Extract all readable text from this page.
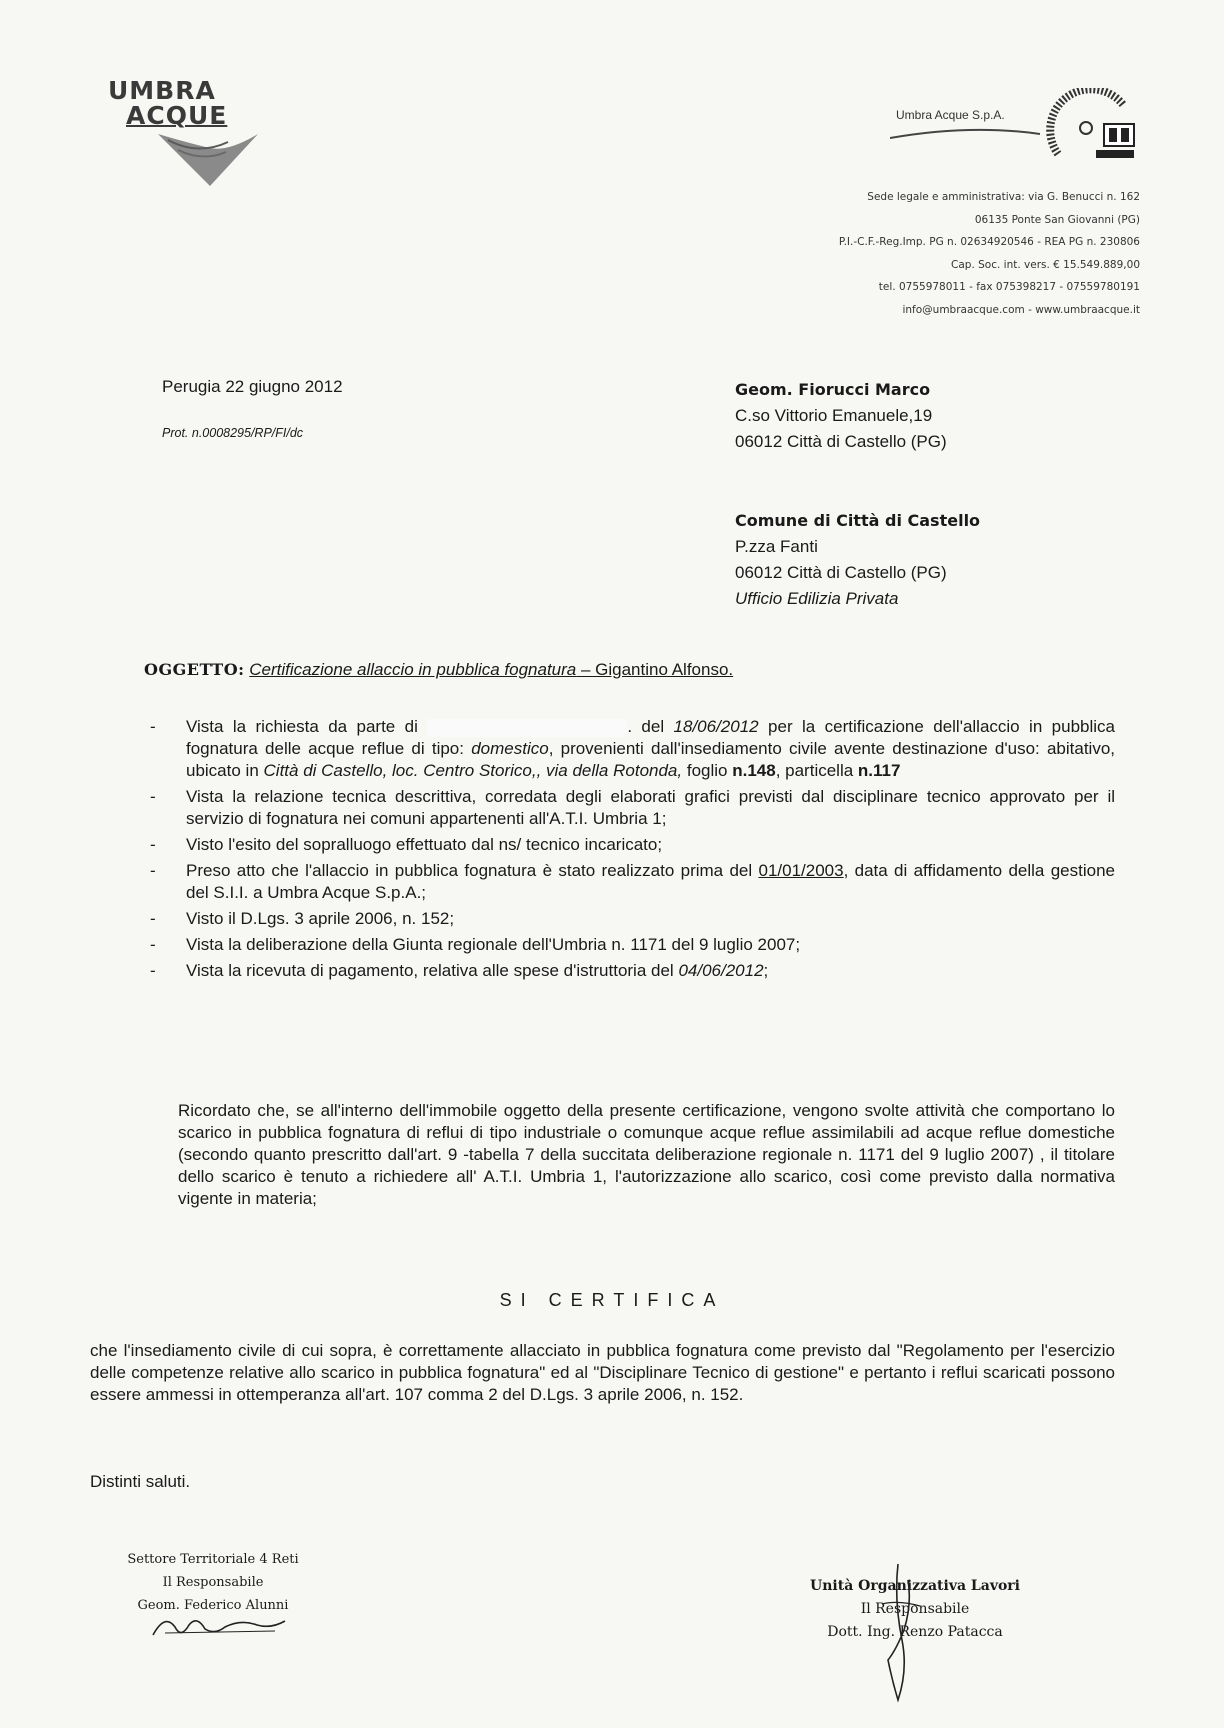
UMBRA
ACQUE	Umbra Acque S.p.A.
Sede legale e amministrativa: via G. Benucci n. 162
06135 Ponte San Giovanni (PG)
P.I.-C.F.-Reg.Imp. PG n. 02634920546 - REA PG n. 230806
Cap. Soc. int. vers. € 15.549.889,00
tel. 0755978011 - fax 075398217 - 07559780191
info@umbraacque.com - www.umbraacque.it
Perugia 22 giugno 2012
Prot. n.0008295/RP/FI/dc
Geom. Fiorucci Marco
C.so Vittorio Emanuele,19
06012 Città di Castello (PG)
Comune di Città di Castello
P.zza Fanti
06012 Città di Castello (PG)
Ufficio Edilizia Privata
OGGETTO: Certificazione allaccio in pubblica fognatura – Gigantino Alfonso.
-	Vista la richiesta da parte di	. del 18/06/2012 per la certificazione dell'allaccio in pubblica fognatura delle acque reflue di tipo: domestico, provenienti dall'insediamento civile avente destinazione d'uso: abitativo, ubicato in Città di Castello, loc. Centro Storico,, via della Rotonda, foglio n.148, particella n.117
-	Vista la relazione tecnica descrittiva, corredata degli elaborati grafici previsti dal disciplinare tecnico approvato per il servizio di fognatura nei comuni appartenenti all'A.T.I. Umbria 1;
-	Visto l'esito del sopralluogo effettuato dal ns/ tecnico incaricato;
-	Preso atto che l'allaccio in pubblica fognatura è stato realizzato prima del 01/01/2003, data di affidamento della gestione del S.I.I. a Umbra Acque S.p.A.;
-	Visto il D.Lgs. 3 aprile 2006, n. 152;
-	Vista la deliberazione della Giunta regionale dell'Umbria n. 1171 del 9 luglio 2007;
-	Vista la ricevuta di pagamento, relativa alle spese d'istruttoria del 04/06/2012;
Ricordato che, se all'interno dell'immobile oggetto della presente certificazione, vengono svolte attività che comportano lo scarico in pubblica fognatura di reflui di tipo industriale o comunque acque reflue assimilabili ad acque reflue domestiche (secondo quanto prescritto dall'art. 9 -tabella 7 della succitata deliberazione regionale n. 1171 del 9 luglio 2007) , il titolare dello scarico è tenuto a richiedere all' A.T.I. Umbria 1, l'autorizzazione allo scarico, così come previsto dalla normativa vigente in materia;
SI CERTIFICA
che l'insediamento civile di cui sopra, è correttamente allacciato in pubblica fognatura come previsto dal "Regolamento per l'esercizio delle competenze relative allo scarico in pubblica fognatura" ed al "Disciplinare Tecnico di gestione" e pertanto i reflui scaricati possono essere ammessi in ottemperanza all'art. 107 comma 2 del D.Lgs. 3 aprile 2006, n. 152.
Distinti saluti.
Settore Territoriale 4 Reti
Il Responsabile
Geom. Federico Alunni
Unità Organizzativa Lavori
Il Responsabile
Dott. Ing. Renzo Patacca
